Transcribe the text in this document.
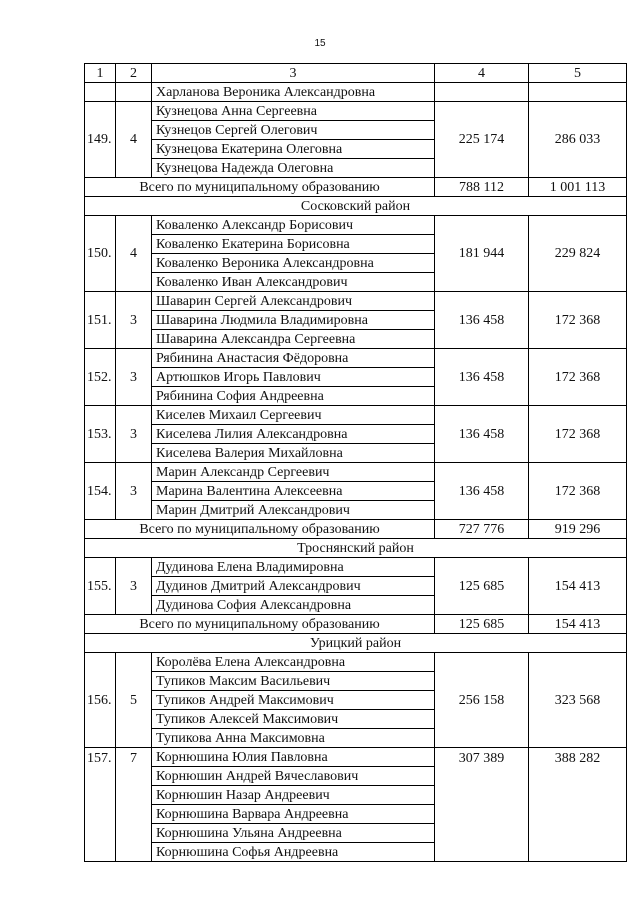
15
1	2	3	4	5
		Харланова Вероника Александровна		
149.	4	Кузнецова Анна Сергеевна	225 174	286 033
		Кузнецов Сергей Олегович		
		Кузнецова Екатерина Олеговна		
		Кузнецова Надежда Олеговна		
Всего по муниципальному образованию			788 112	1 001 113
Сосковский район				
150.	4	Коваленко Александр Борисович	181 944	229 824
		Коваленко Екатерина Борисовна		
		Коваленко Вероника Александровна		
		Коваленко Иван Александрович		
151.	3	Шаварин Сергей Александрович	136 458	172 368
		Шаварина Людмила Владимировна		
		Шаварина Александра Сергеевна		
152.	3	Рябинина Анастасия Фёдоровна	136 458	172 368
		Артюшков Игорь Павлович		
		Рябинина София Андреевна		
153.	3	Киселев Михаил Сергеевич	136 458	172 368
		Киселева Лилия Александровна		
		Киселева Валерия Михайловна		
154.	3	Марин Александр Сергеевич	136 458	172 368
		Марина Валентина Алексеевна		
		Марин Дмитрий Александрович		
Всего по муниципальному образованию			727 776	919 296
Троснянский район				
155.	3	Дудинова Елена Владимировна	125 685	154 413
		Дудинов Дмитрий Александрович		
		Дудинова София Александровна		
Всего по муниципальному образованию			125 685	154 413
Урицкий район				
156.	5	Королёва Елена Александровна	256 158	323 568
		Тупиков Максим Васильевич		
		Тупиков Андрей Максимович		
		Тупиков Алексей Максимович		
		Тупикова Анна Максимовна		
157.	7	Корнюшина Юлия Павловна	307 389	388 282
		Корнюшин Андрей Вячеславович		
		Корнюшин Назар Андреевич		
		Корнюшина Варвара Андреевна		
		Корнюшина Ульяна Андреевна		
		Корнюшина Софья Андреевна		
